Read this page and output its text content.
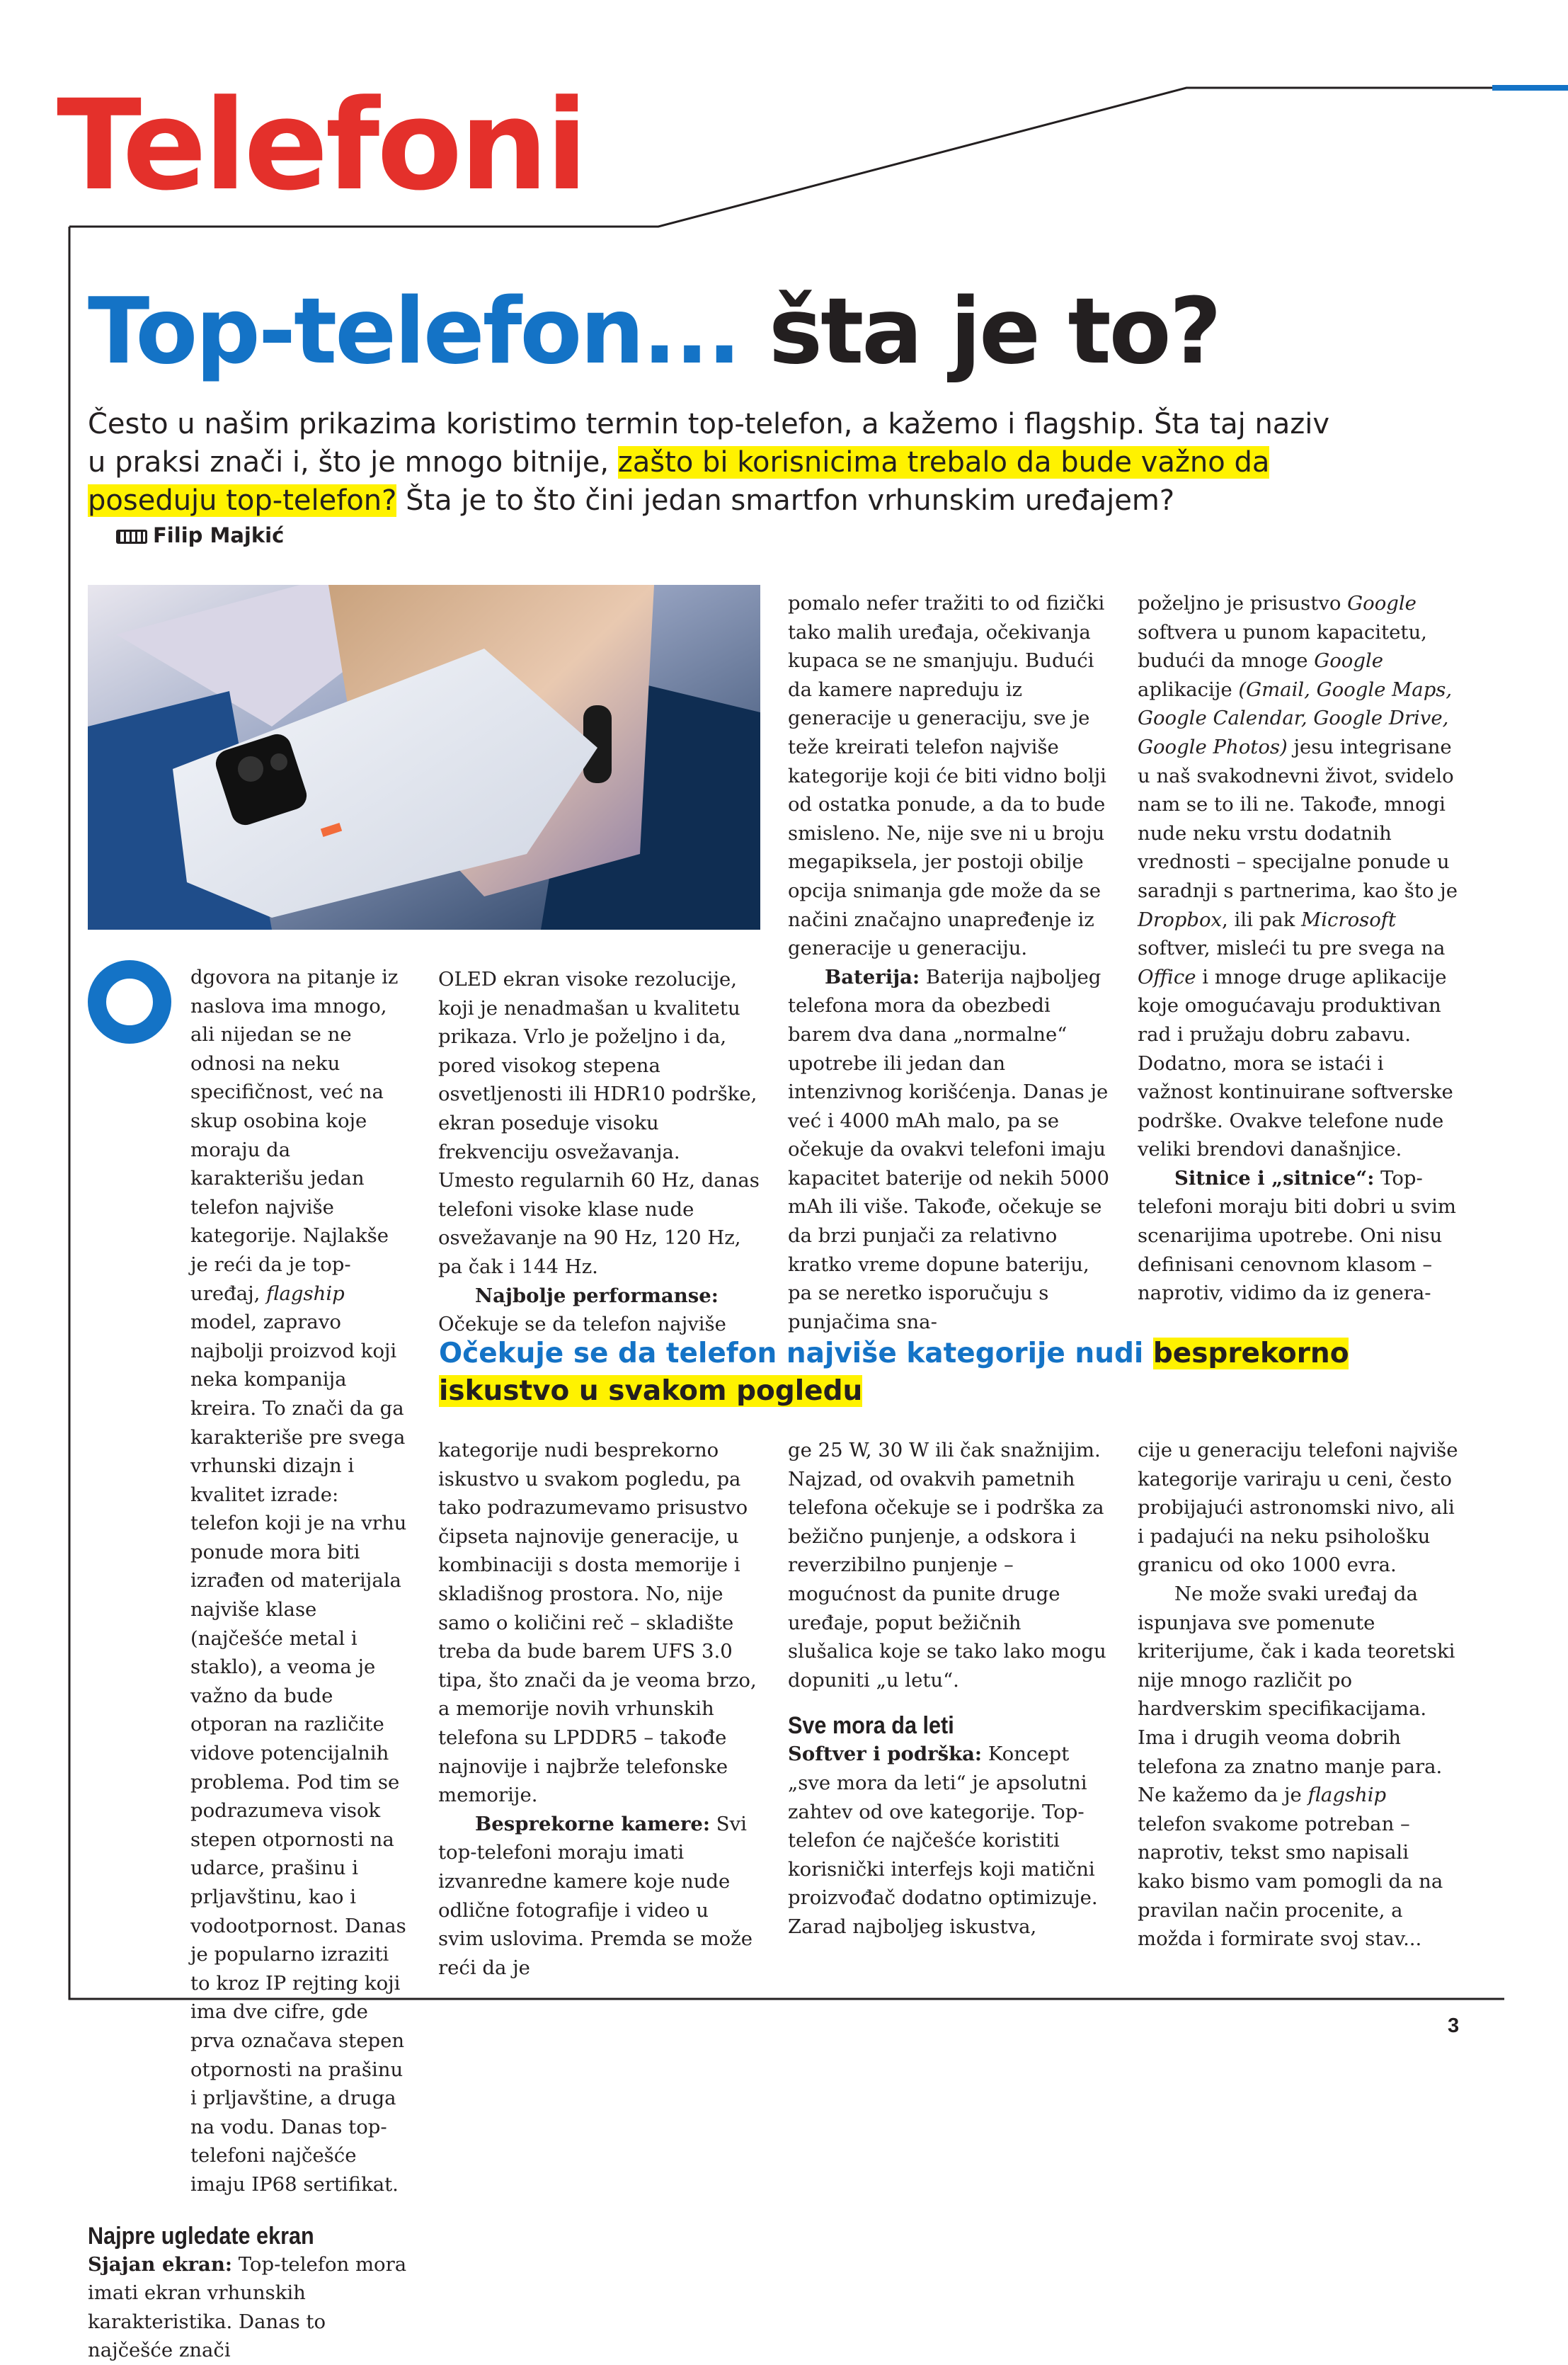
Telefoni
Top-telefon... šta je to?

Često u našim prikazima koristimo termin top-telefon, a kažemo i flagship. Šta taj naziv u praksi znači i, što je mnogo bitnije, zašto bi korisnicima trebalo da bude važno da poseduju top-telefon? Šta je to što čini jedan smartfon vrhunskim uređajem? $^{Filip Majkić}$

dgovora na pitanje iz naslova ima mnogo, ali nijedan se ne odnosi na neku specifičnost, već na skup osobina koje moraju da karakterišu jedan telefon najviše kategorije. Najlakše je reći da je top-uređaj, flagship model, zapravo najbolji proizvod koji neka kompanija kreira. To znači da ga karakteriše pre svega vrhunski dizajn i kvalitet izrade: telefon koji je na vrhu ponude mora biti izrađen od materijala najviše klase (najčešće metal i staklo), a veoma je važno da bude otporan na različite vidove potencijalnih problema. Pod tim se podrazumeva visok stepen otpornosti na udarce, prašinu i prljavštinu, kao i vodootpornost. Danas je popularno izraziti to kroz IP rejting koji ima dve cifre, gde prva označava stepen otpornosti na prašinu i prljavštine, a druga na vodu. Danas top-telefoni najčešće imaju IP68 sertifikat.

Najpre ugledate ekran

Sjajan ekran: Top-telefon mora imati ekran vrhunskih karakteristika. Danas to najčešće znači

OLED ekran visoke rezolucije, koji je nenadmašan u kvalitetu prikaza. Vrlo je poželjno i da, pored visokog stepena osvetljenosti ili HDR10 podrške, ekran poseduje visoku frekvenciju osvežavanja. Umesto regularnih 60 Hz, danas telefoni visoke klase nude osvežavanje na 90 Hz, 120 Hz, pa čak i 144 Hz.

Najbolje performanse: Očekuje se da telefon najviše

kategorije nudi besprekorno iskustvo u svakom pogledu, pa tako podrazumevamo prisustvo čipseta najnovije generacije, u kombinaciji s dosta memorije i skladišnog prostora. No, nije samo o količini reč – skladište treba da bude barem UFS 3.0 tipa, što znači da je veoma brzo, a memorije novih vrhunskih telefona su LPDDR5 – takođe najnovije i najbrže telefonske memorije.

Besprekorne kamere: Svi top-telefoni moraju imati izvanredne kamere koje nude odlične fotografije i video u svim uslovima. Premda se može reći da je

pomalo nefer tražiti to od fizički tako malih uređaja, očekivanja kupaca se ne smanjuju. Budući da kamere napreduju iz generacije u generaciju, sve je teže kreirati telefon najviše kategorije koji će biti vidno bolji od ostatka ponude, a da to bude smisleno. Ne, nije sve ni u broju megapiksela, jer postoji obilje opcija snimanja gde može da se načini značajno unapređenje iz generacije u generaciju.

Baterija: Baterija najboljeg telefona mora da obezbedi barem dva dana „normalne“ upotrebe ili jedan dan intenzivnog korišćenja. Danas je već i 4000 mAh malo, pa se očekuje da ovakvi telefoni imaju kapacitet baterije od nekih 5000 mAh ili više. Takođe, očekuje se da brzi punjači za relativno kratko vreme dopune bateriju, pa se neretko isporučuju s punjačima sna-

ge 25 W, 30 W ili čak snažnijim. Najzad, od ovakvih pametnih telefona očekuje se i podrška za bežično punjenje, a odskora i reverzibilno punjenje – mogućnost da punite druge uređaje, poput bežičnih slušalica koje se tako lako mogu dopuniti „u letu“.

Sve mora da leti

Softver i podrška: Koncept „sve mora da leti“ je apsolutni zahtev od ove kategorije. Top-telefon će najčešće koristiti korisnički interfejs koji matični proizvođač dodatno optimizuje. Zarad najboljeg iskustva,

poželjno je prisustvo Google softvera u punom kapacitetu, budući da mnoge Google aplikacije (Gmail, Google Maps, Google Calendar, Google Drive, Google Photos) jesu integrisane u naš svakodnevni život, svidelo nam se to ili ne. Takođe, mnogi nude neku vrstu dodatnih vrednosti – specijalne ponude u saradnji s partnerima, kao što je Dropbox, ili pak Microsoft softver, misleći tu pre svega na Office i mnoge druge aplikacije koje omogućavaju produktivan rad i pružaju dobru zabavu. Dodatno, mora se istaći i važnost kontinuirane softverske podrške. Ovakve telefone nude veliki brendovi današnjice.

Sitnice i „sitnice“: Top-telefoni moraju biti dobri u svim scenarijima upotrebe. Oni nisu definisani cenovnom klasom – naprotiv, vidimo da iz genera-

cije u generaciju telefoni najviše kategorije variraju u ceni, često probijajući astronomski nivo, ali i padajući na neku psihološku granicu od oko 1000 evra.

Ne može svaki uređaj da ispunjava sve pomenute kriterijume, čak i kada teoretski nije mnogo različit po hardverskim specifikacijama. Ima i drugih veoma dobrih telefona za znatno manje para. Ne kažemo da je flagship telefon svakome potreban – naprotiv, tekst smo napisali kako bismo vam pomogli da na pravilan način procenite, a možda i formirate svoj stav...

Očekuje se da telefon najviše kategorije nudi besprekorno iskustvo u svakom pogledu

3
